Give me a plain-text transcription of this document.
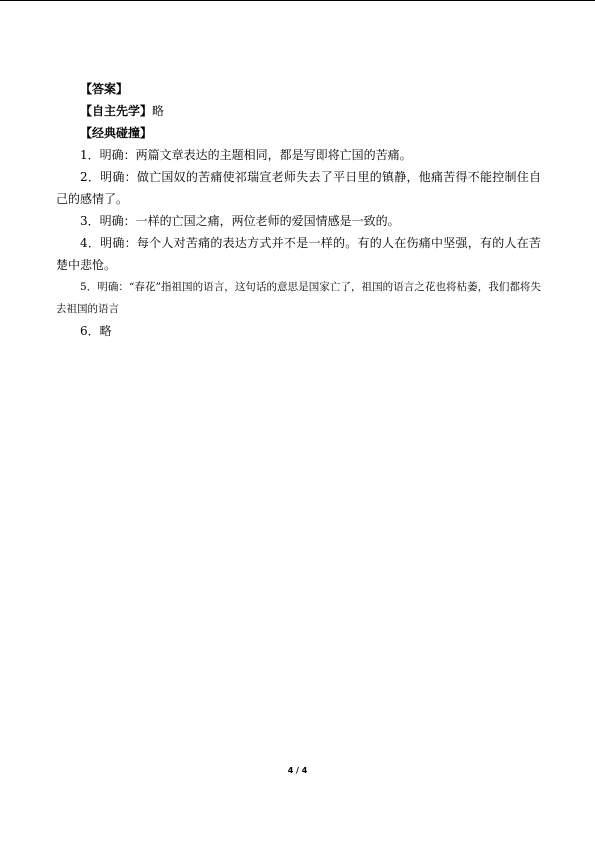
【答案】

【自主先学】略

【经典碰撞】

1．明确：两篇文章表达的主题相同，都是写即将亡国的苦痛。

2．明确：做亡国奴的苦痛使祁瑞宣老师失去了平日里的镇静，他痛苦得不能控制住自己的感情了。

3．明确：一样的亡国之痛，两位老师的爱国情感是一致的。

4．明确：每个人对苦痛的表达方式并不是一样的。有的人在伤痛中坚强，有的人在苦楚中悲怆。

5．明确：“春花”指祖国的语言，这句话的意思是国家亡了，祖国的语言之花也将枯萎，我们都将失去祖国的语言

6．略

4 / 4
